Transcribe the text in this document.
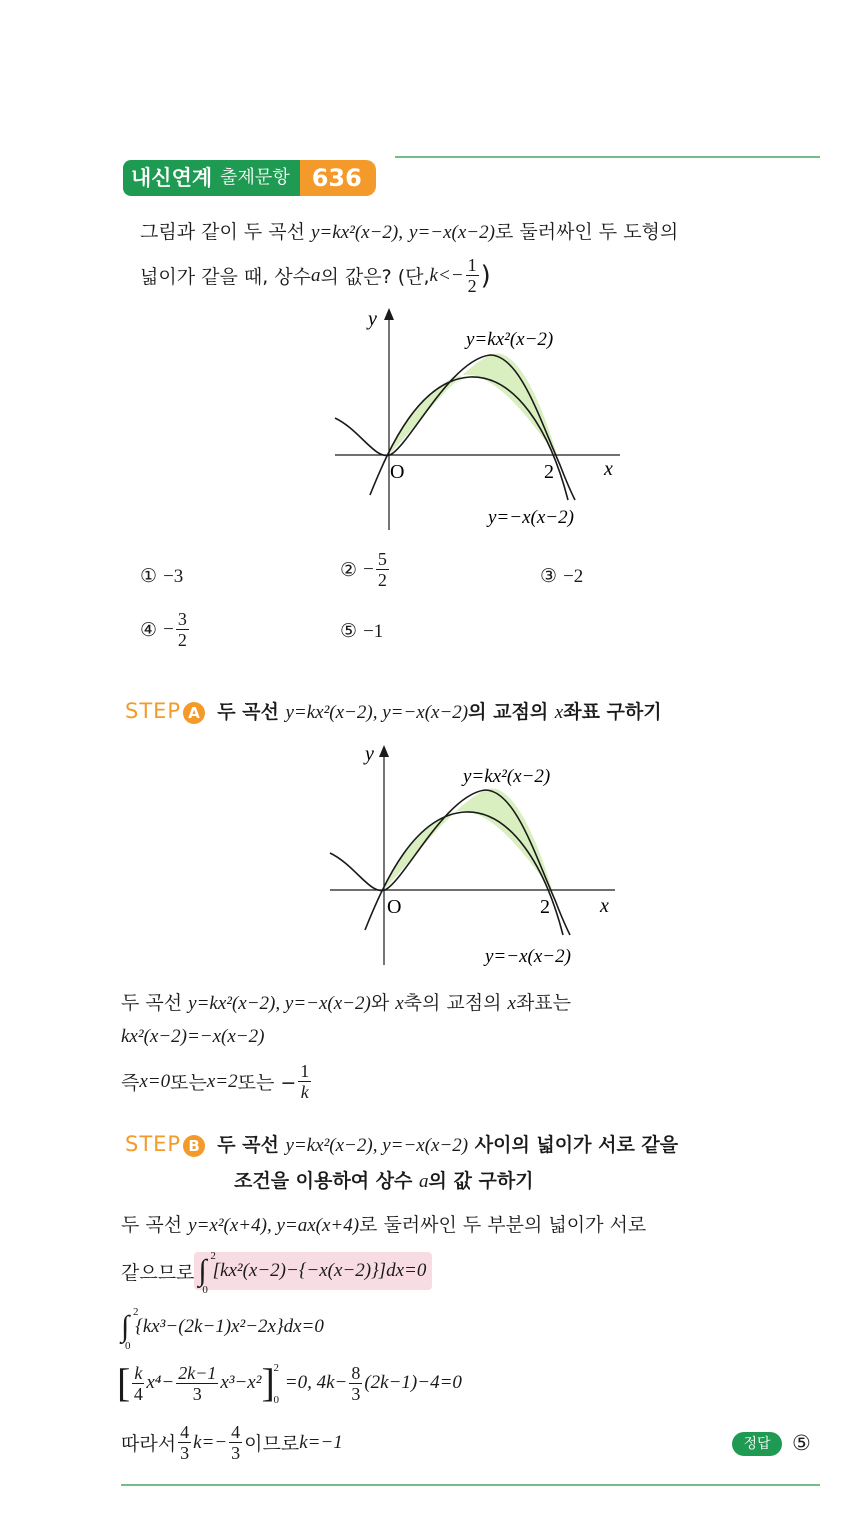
내신연계 출제문항 636
그림과 같이 두 곡선 y=kx²(x−2), y=−x(x−2)로 둘러싸인 두 도형의
넓이가 같을 때, 상수 a 의 값은? (단, $k<- \frac{1}{2}$ )
y
x
O	2
y=kx²(x−2)
y=−x(x−2)
① −3	②
− $\frac{5}{2}$	③ −2
④
− $\frac{3}{2}$	⑤ −1
STEP A 두 곡선 y=kx²(x−2), y=−x(x−2)의 교점의 x좌표 구하기
y
x
O	2
y=kx²(x−2)
y=−x(x−2)
두 곡선 y=kx²(x−2), y=−x(x−2)와 x축의 교점의 x좌표는
kx²(x−2)=−x(x−2)
즉 x=0 또는 x=2 또는 − $\frac{1}{k}$
STEP B 두 곡선 y=kx²(x−2), y=−x(x−2) 사이의 넓이가 서로 같을
조건을 이용하여 상수 a의 값 구하기
두 곡선 y=x²(x+4), y=ax(x+4)로 둘러싸인 두 부분의 넓이가 서로
같으므로 ∫ 2
0
[kx²(x−2)−{−x(x−2)}]dx=0
∫ 2
0
{kx³−(2k−1)x²−2x}dx=0
[ $\frac{k}{4} x^4- \frac{2k-1}{3} x^3-x^2$ ]
2
0
=0, $4k- \frac{8}{3} (2k-1)-4=0$
따라서 $\frac{4}{3} k=- \frac{4}{3}$ 이므로 k=−1	정답	⑤
